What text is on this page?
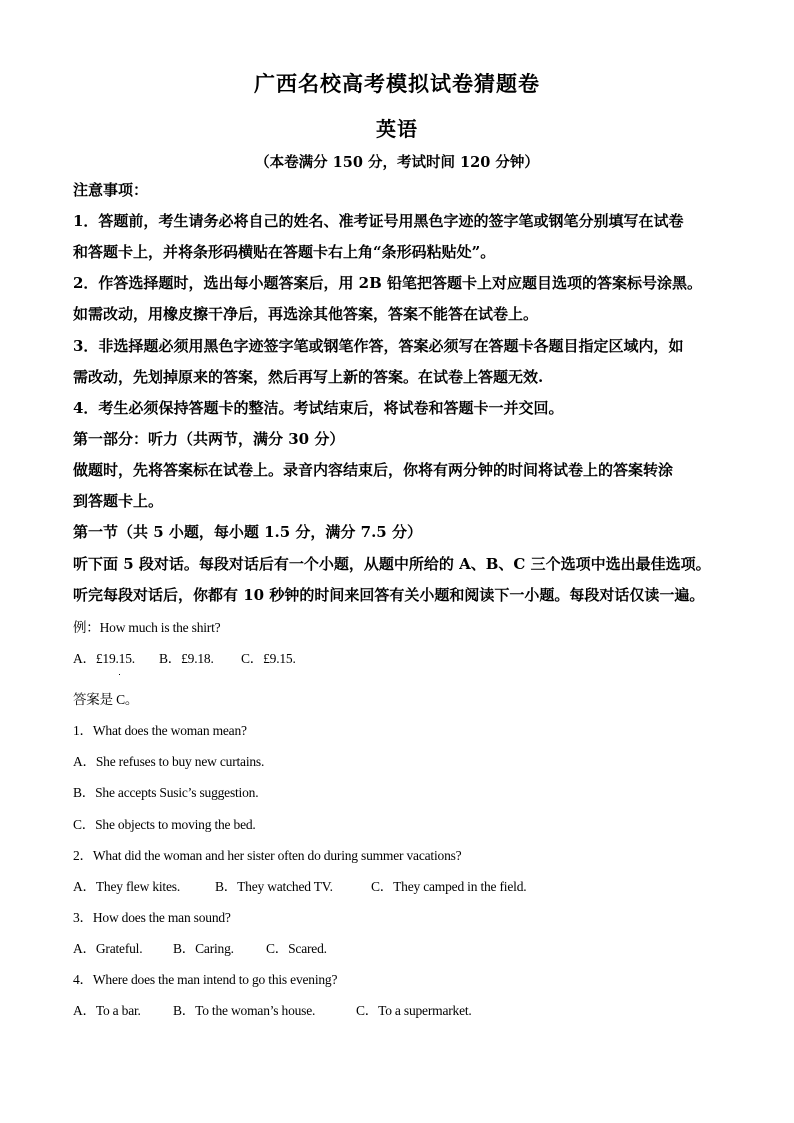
广西名校高考模拟试卷猜题卷
英语
（本卷满分 150 分，考试时间 120 分钟）
注意事项：
1．答题前，考生请务必将自己的姓名、准考证号用黑色字迹的签字笔或钢笔分别填写在试卷
和答题卡上，并将条形码横贴在答题卡右上角“条形码粘贴处”。
2．作答选择题时，选出每小题答案后，用 2B 铅笔把答题卡上对应题目选项的答案标号涂黑。
如需改动，用橡皮擦干净后，再选涂其他答案，答案不能答在试卷上。
3．非选择题必须用黑色字迹签字笔或钢笔作答，答案必须写在答题卡各题目指定区域内，如
需改动，先划掉原来的答案，然后再写上新的答案。在试卷上答题无效.
4．考生必须保持答题卡的整洁。考试结束后，将试卷和答题卡一并交回。
第一部分：听力（共两节，满分 30 分）
做题时，先将答案标在试卷上。录音内容结束后，你将有两分钟的时间将试卷上的答案转涂
到答题卡上。
第一节（共 5 小题，每小题 1.5 分，满分 7.5 分）
听下面 5 段对话。每段对话后有一个小题，从题中所给的 A、B、C 三个选项中选出最佳选项。
听完每段对话后，你都有 10 秒钟的时间来回答有关小题和阅读下一小题。每段对话仅读一遍。
例：How much is the shirt?
A．£19.15. B．£9.18. C．£9.15.
答案是 C。
1．What does the woman mean?
A．She refuses to buy new curtains.
B．She accepts Susic’s suggestion.
C．She objects to moving the bed.
2．What did the woman and her sister often do during summer vacations?
A．They flew kites.	B．They watched TV.	C．They camped in the field.
3．How does the man sound?
A．Grateful. B．Caring. C．Scared.
4．Where does the man intend to go this evening?
A．To a bar. B．To the woman’s house.	C．To a supermarket.
